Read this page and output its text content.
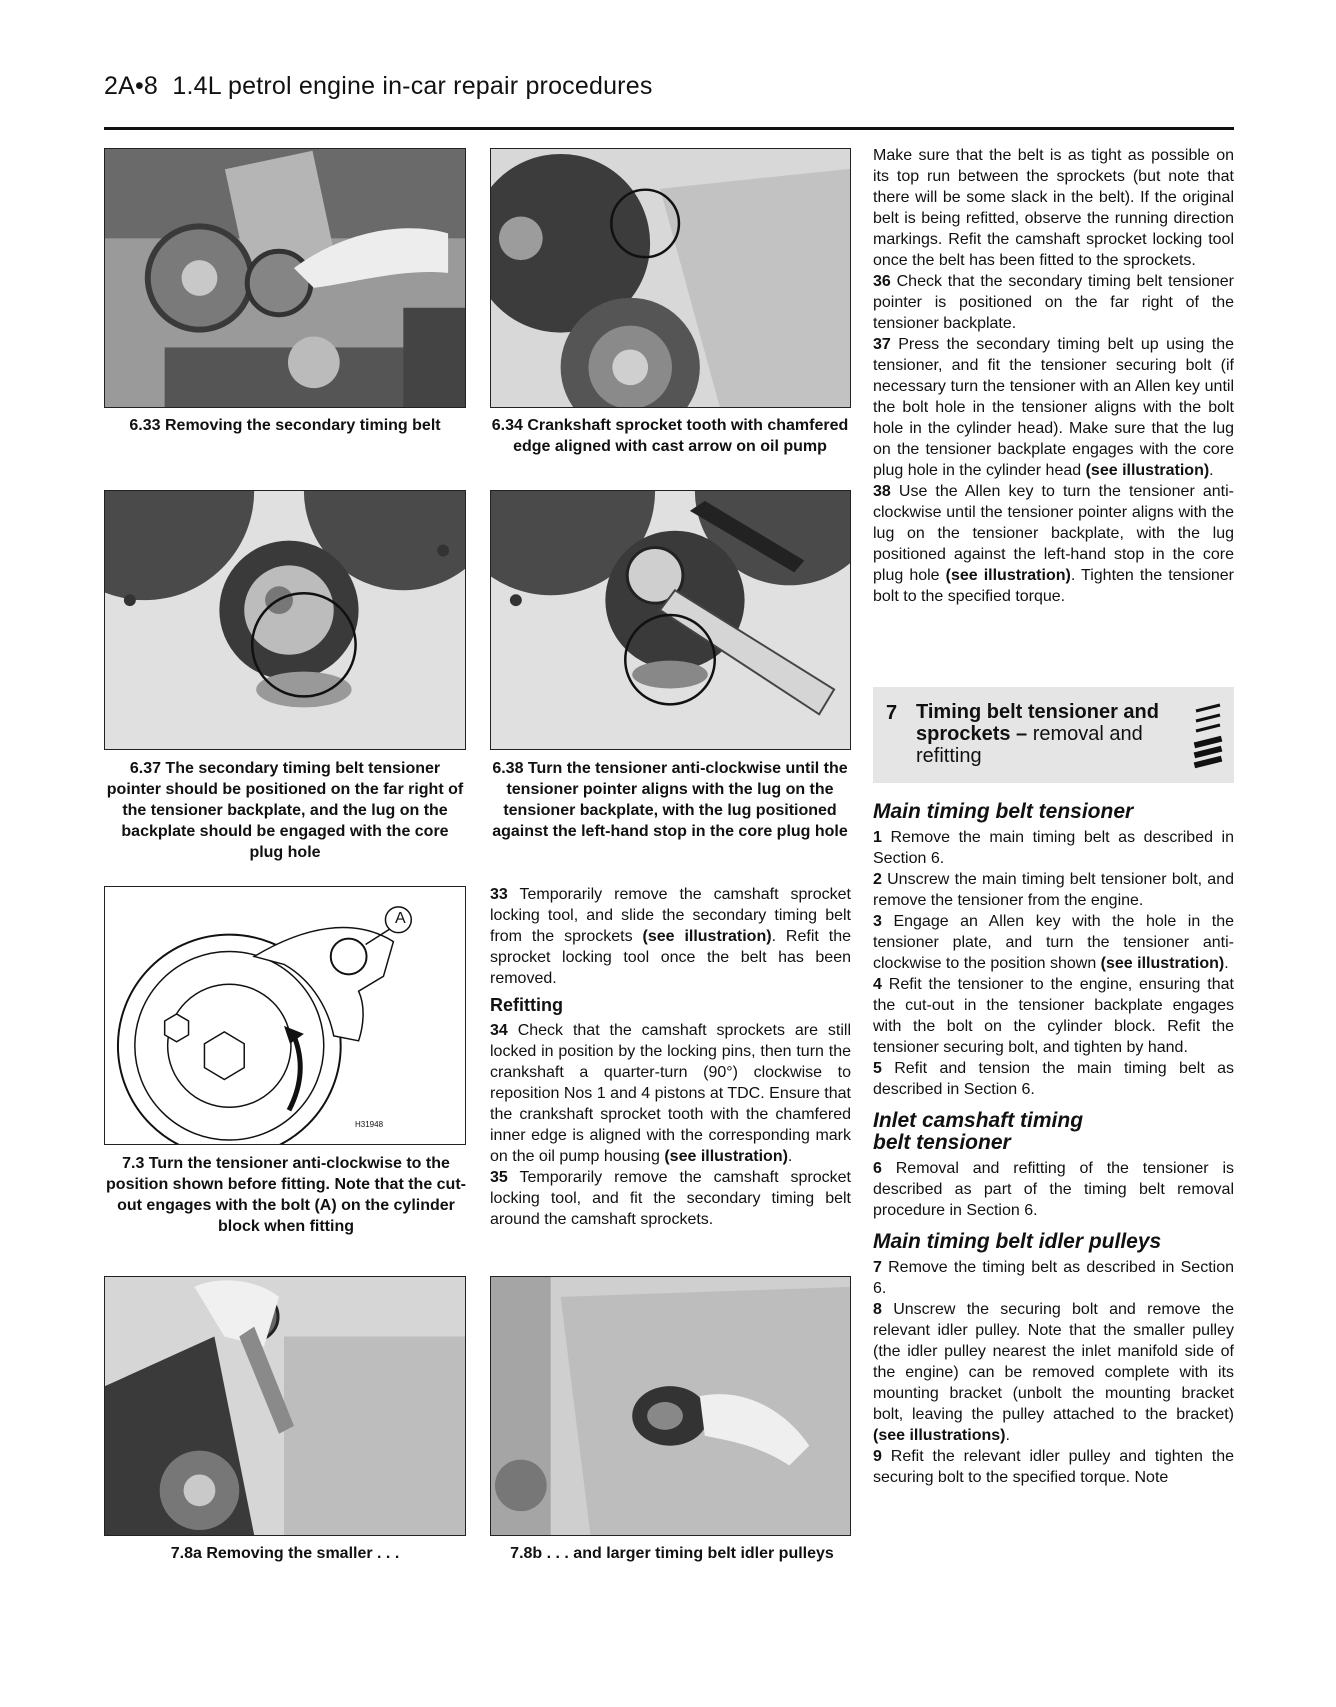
2A•8 1.4L petrol engine in-car repair procedures
6.33 Removing the secondary timing belt	6.34 Crankshaft sprocket tooth with chamfered edge aligned with cast arrow on oil pump
6.37 The secondary timing belt tensioner pointer should be positioned on the far right of the tensioner backplate, and the lug on the backplate should be engaged with the core plug hole
6.38 Turn the tensioner anti-clockwise until the tensioner pointer aligns with the lug on the tensioner backplate, with the lug positioned against the left-hand stop in the core plug hole
A
H31948
7.3 Turn the tensioner anti-clockwise to the position shown before fitting. Note that the cut-out engages with the bolt (A) on the cylinder block when fitting
7.8a Removing the smaller . . .	7.8b . . . and larger timing belt idler pulleys

33 Temporarily remove the camshaft sprocket locking tool, and slide the secondary timing belt from the sprockets (see illustration). Refit the sprocket locking tool once the belt has been removed.

Refitting

34 Check that the camshaft sprockets are still locked in position by the locking pins, then turn the crankshaft a quarter-turn (90°) clockwise to reposition Nos 1 and 4 pistons at TDC. Ensure that the crankshaft sprocket tooth with the chamfered inner edge is aligned with the corresponding mark on the oil pump housing (see illustration).

35 Temporarily remove the camshaft sprocket locking tool, and fit the secondary timing belt around the camshaft sprockets.

Make sure that the belt is as tight as possible on its top run between the sprockets (but note that there will be some slack in the belt). If the original belt is being refitted, observe the running direction markings. Refit the camshaft sprocket locking tool once the belt has been fitted to the sprockets.

36 Check that the secondary timing belt tensioner pointer is positioned on the far right of the tensioner backplate.

37 Press the secondary timing belt up using the tensioner, and fit the tensioner securing bolt (if necessary turn the tensioner with an Allen key until the bolt hole in the tensioner aligns with the bolt hole in the cylinder head). Make sure that the lug on the tensioner backplate engages with the core plug hole in the cylinder head (see illustration).

38 Use the Allen key to turn the tensioner anti-clockwise until the tensioner pointer aligns with the lug on the tensioner backplate, with the lug positioned against the left-hand stop in the core plug hole (see illustration). Tighten the tensioner bolt to the specified torque.

7 Timing belt tensioner and sprockets – removal and refitting
Main timing belt tensioner

1 Remove the main timing belt as described in Section 6.

2 Unscrew the main timing belt tensioner bolt, and remove the tensioner from the engine.

3 Engage an Allen key with the hole in the tensioner plate, and turn the tensioner anti-clockwise to the position shown (see illustration).

4 Refit the tensioner to the engine, ensuring that the cut-out in the tensioner backplate engages with the bolt on the cylinder block. Refit the tensioner securing bolt, and tighten by hand.

5 Refit and tension the main timing belt as described in Section 6.

Inlet camshaft timing belt tensioner

6 Removal and refitting of the tensioner is described as part of the timing belt removal procedure in Section 6.

Main timing belt idler pulleys

7 Remove the timing belt as described in Section 6.

8 Unscrew the securing bolt and remove the relevant idler pulley. Note that the smaller pulley (the idler pulley nearest the inlet manifold side of the engine) can be removed complete with its mounting bracket (unbolt the mounting bracket bolt, leaving the pulley attached to the bracket) (see illustrations).

9 Refit the relevant idler pulley and tighten the securing bolt to the specified torque. Note
